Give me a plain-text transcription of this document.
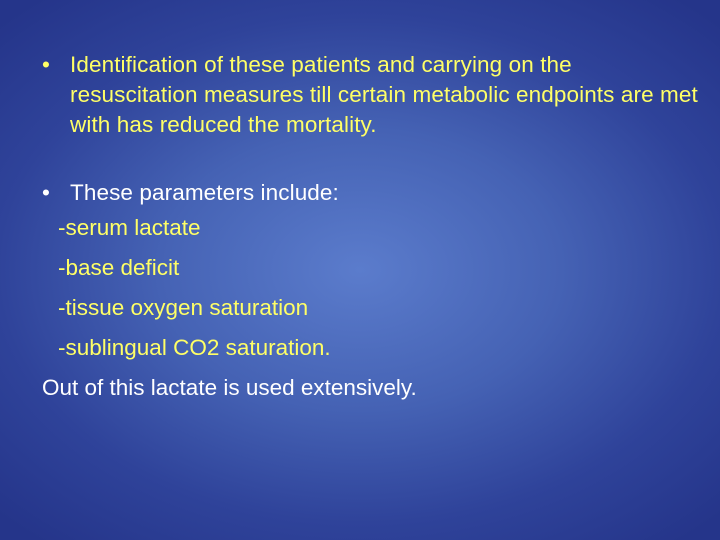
• Identification of these patients and carrying on the resuscitation measures till certain metabolic endpoints are met with has reduced the mortality.
• These parameters include:
-serum lactate
-base deficit
-tissue oxygen saturation
-sublingual CO2 saturation.
Out of this lactate is used extensively.
